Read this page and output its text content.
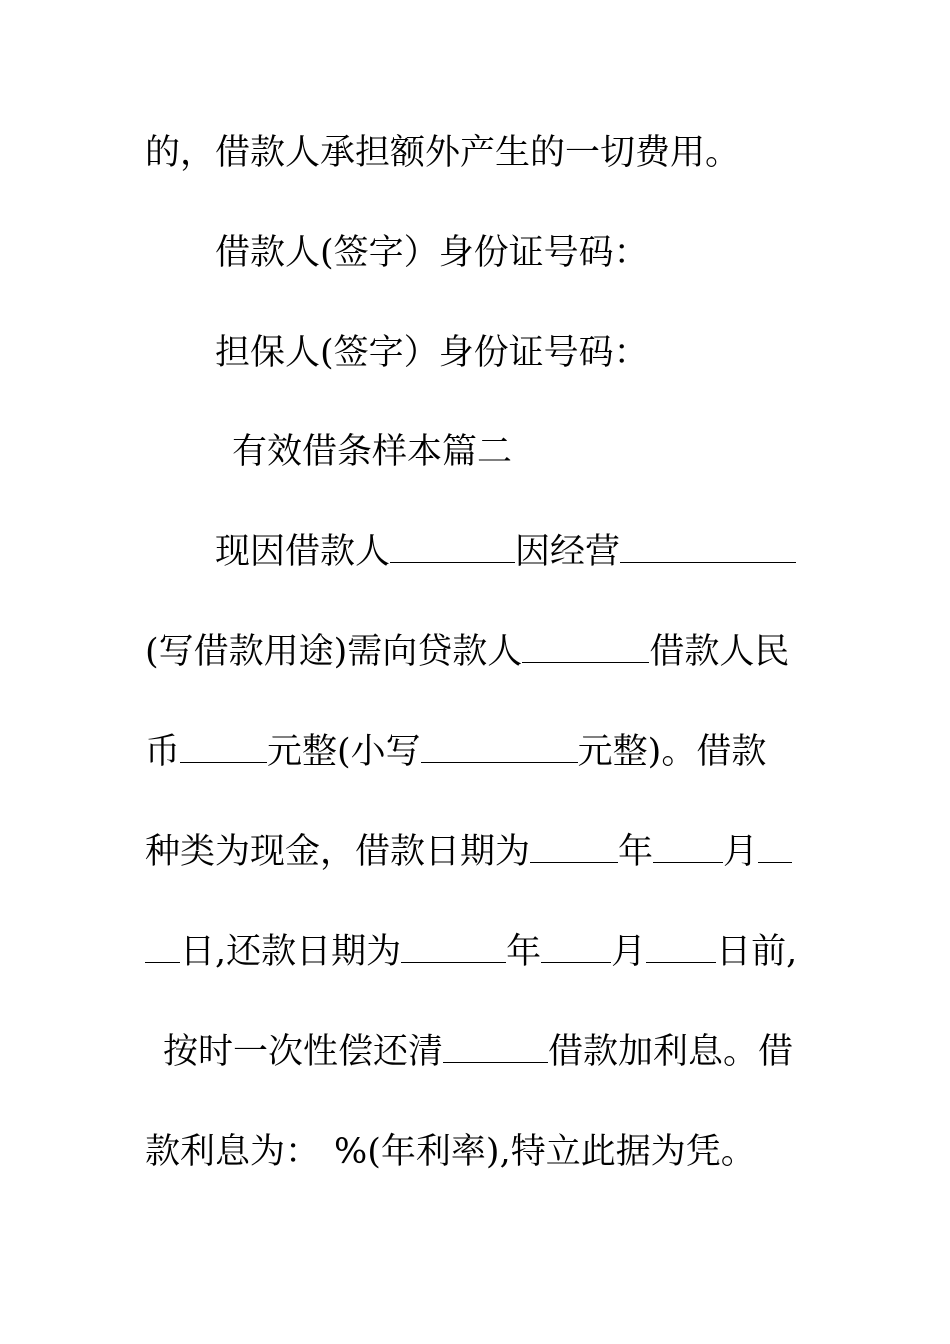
的，借款人承担额外产生的一切费用。
借款人(签字）身份证号码：
担保人(签字）身份证号码：
有效借条样本篇二
现因借款人	因经营
(写借款用途)需向贷款人	借款人民
币 元整(小写	元整)。借款
种类为现金，借款日期为	年 月
日,还款日期为	年 月 日前,
按时一次性偿还清	借款加利息。借
款利息为： %(年利率),特立此据为凭。
